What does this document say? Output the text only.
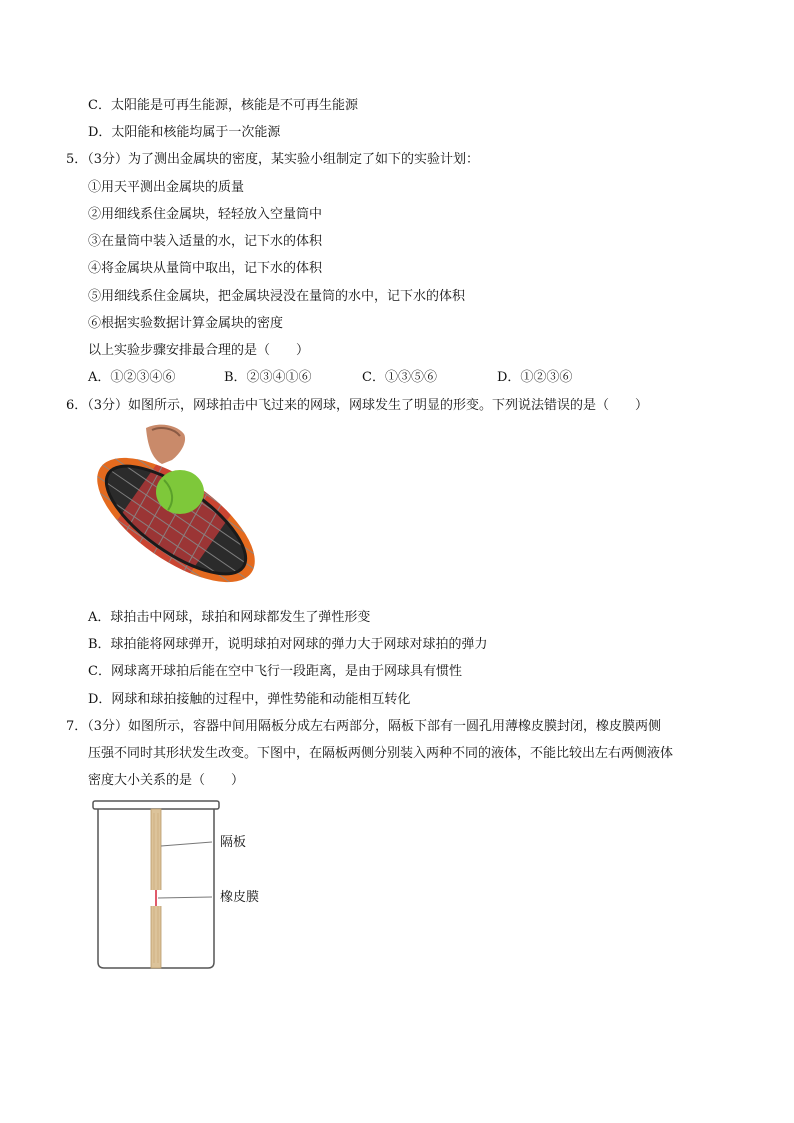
C．太阳能是可再生能源，核能是不可再生能源
D．太阳能和核能均属于一次能源
5．（3分）为了测出金属块的密度，某实验小组制定了如下的实验计划：
①用天平测出金属块的质量
②用细线系住金属块，轻轻放入空量筒中
③在量筒中装入适量的水，记下水的体积
④将金属块从量筒中取出，记下水的体积
⑤用细线系住金属块，把金属块浸没在量筒的水中，记下水的体积
⑥根据实验数据计算金属块的密度
以上实验步骤安排最合理的是（　　）
A．①②③④⑥	B．②③④①⑥	C．①③⑤⑥	D．①②③⑥
6．（3分）如图所示，网球拍击中飞过来的网球，网球发生了明显的形变。下列说法错误的是（　　）
A．球拍击中网球，球拍和网球都发生了弹性形变
B．球拍能将网球弹开，说明球拍对网球的弹力大于网球对球拍的弹力
C．网球离开球拍后能在空中飞行一段距离，是由于网球具有惯性
D．网球和球拍接触的过程中，弹性势能和动能相互转化
7．（3分）如图所示，容器中间用隔板分成左右两部分，隔板下部有一圆孔用薄橡皮膜封闭，橡皮膜两侧
压强不同时其形状发生改变。下图中，在隔板两侧分别装入两种不同的液体，不能比较出左右两侧液体
密度大小关系的是（　　）
隔板
橡皮膜
